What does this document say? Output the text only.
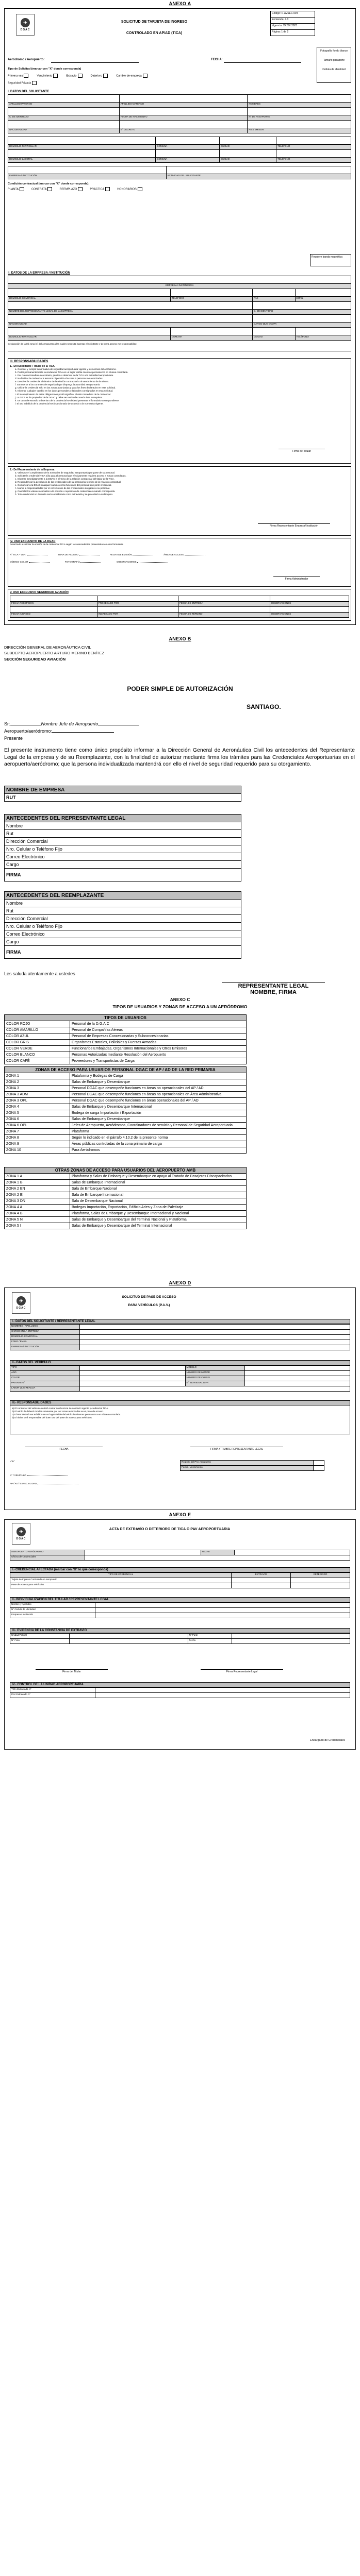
ANEXO A
✈
DGAC
SOLICITUD DE TARJETA DE INGRESO
CONTROLADO EN AP/AD (TICA)
Código: R-AVSEC-004
Enmienda: 4.0
Vigencia: XX.XX.2023
Página: 1 de 2
Fotografía fondo blanco
Tamaño pasaporte
Cédula de identidad
Aeródromo / Aeropuerto:	FECHA:
Tipo de Solicitud (marcar con "X" donde corresponda)
Primera vez	Vencimiento	Extravío	Deterioro	Cambio de empresa
Seguridad Privada
I. DATOS DEL SOLICITANTE

APELLIDO PATERNO	APELLIDO MATERNO	NOMBRES

C. DE IDENTIDAD	FECHA DE NACIMIENTO	N° DE PASAPORTE

NACIONALIDAD	N° DECRETO	PAIS EMISOR

DOMICILIO PARTICULAR	COMUNA	CIUDAD	TELÉFONO

DOMICILIO LABORAL	COMUNA	CIUDAD	TELÉFONO

EMPRESA / INSTITUCIÓN	ACTIVIDAD DEL SOLICITANTE
Condición contractual (marcar con "X" donde corresponda):
PLANTA	CONTRATA	REEMPLAZO	PRÁCTICA	HONORARIOS
Requiere banda magnética
II. DATOS DE LA EMPRESA / INSTITUCIÓN

EMPRESA / INSTITUCIÓN			

DOMICILIO COMERCIAL	TELÉFONO	FAX	EMAIL

NOMBRE DEL REPRESENTANTE LEGAL DE LA EMPRESA		C. DE IDENTIDAD	

NACIONALIDAD		CARGO QUE OCUPA	

DOMICILIO PARTICULAR	COMUNA	CIUDAD	TELÉFONO
Declaración de la (s) zona (s) del Aeropuerto a las cuales necesita ingresar el solicitante y de cuya acceso me responsabilizo:
III. RESPONSABILIDADES
1.- Del Solicitante / Titular de la TICA
a. Conocer y cumplir la normativa de seguridad aeroportuaria vigente y las normas del Aeródromo.
b. Portar permanentemente la credencial TICA en un lugar visible mientras permanezca en el área controlada.
c. Dar cuenta inmediata de extravío, pérdida o deterioro de la TICA a la autoridad aeroportuaria.
d. No facilitar la credencial a terceros ni permitir el acceso a personas no autorizadas.
e. Devolver la credencial al término de la relación contractual o al vencimiento de la misma.
f. Someterse a los controles de seguridad que disponga la autoridad aeroportuaria.
g. Utilizar la credencial sólo en las zonas autorizadas y para los fines declarados en esta solicitud.
h. Informar cualquier cambio en los datos personales o laborales consignados en esta solicitud.
i. El incumplimiento de estas obligaciones podrá significar el retiro inmediato de la credencial.
j. La TICA es de propiedad de la DGAC y debe ser restituida cuando ésta lo requiera.
k. En caso de extravío o deterioro de la credencial se deberá presentar el formulario correspondiente.
l. El uso indebido de la credencial será sancionado de acuerdo a la normativa vigente.
Firma del Titular
2.- Del Representante de la Empresa
a. Velar por el cumplimiento de la normativa de seguridad aeroportuaria por parte de su personal.
b. Solicitar la credencial TICA sólo para el personal que efectivamente requiera acceso a zonas controladas.
c. Informar inmediatamente a la DGAC el término de la relación contractual del titular de la TICA.
d. Responder por la devolución de las credenciales de su personal al término de la relación contractual.
e. Comunicar a la DGAC cualquier cambio en las funciones del personal que porte credencial.
f. Asumir la responsabilidad por el correcto uso de las credenciales otorgadas a su personal.
g. Cancelar los valores asociados a la emisión o reposición de credenciales cuando corresponda.
h. Toda credencial no devuelta será considerada como extraviada y se procederá a su bloqueo.
Firma Representante Empresa/ Institución
IV. USO EXCLUSIVO DE LA DGAC
Autorizado a solicitar la emisión de la credencial TICA según los antecedentes presentados en este formulario.
N° TICA – VER:	ZONA DE ACCESO	FECHA DE EMISIÓN	ÁREA DE ACCESO
CÓDIGO COLOR	FOTOGRAFÍA	OBSERVACIONES
Firma Administrador
V. USO EXCLUSIVO SEGURIDAD AVIACIÓN

FECHA RECEPCIÓN	PROCESADO POR	FECHA DE ENTREGA	OBSERVACIONES

FECHA INGRESO	INGRESADO POR	FECHA DE TÉRMINO	OBSERVACIONES
ANEXO B
DIRECCIÓN GENERAL DE AERONÁUTICA CIVIL
SUBDEPTO AEROPUERTO ARTURO MERINO BENÍTEZ
SECCIÓN SEGURIDAD AVIACIÓN
PODER SIMPLE DE AUTORIZACIÓN
SANTIAGO.
Sr:	Nombre Jefe de Aeropuerto
Aeropuerto/aeródromo:
Presente
El presente instrumento tiene como único propósito informar a la Dirección General de Aeronáutica Civil los antecedentes del Representante Legal de la empresa y de su Reemplazante, con la finalidad de autorizar mediante firma los trámites para las Credenciales Aeroportuarias en el aeropuerto/aeródromo; que la persona individualizada mantendrá con ello el nivel de seguridad requerido para su otorgamiento.
NOMBRE DE EMPRESA
RUT
ANTECEDENTES DEL REPRESENTANTE LEGAL
Nombre
Rut
Dirección Comercial
Nro. Celular o Teléfono Fijo
Correo Electrónico
Cargo
FIRMA
ANTECEDENTES DEL REEMPLAZANTE
Nombre
Rut
Dirección Comercial
Nro. Celular o Teléfono Fijo
Correo Electrónico
Cargo
FIRMA
Les saluda atentamente a ustedes
REPRESENTANTE LEGAL
NOMBRE, FIRMA
ANEXO C
TIPOS DE USUARIOS Y ZONAS DE ACCESO A UN AERÓDROMO
TIPOS DE USUARIOS	
COLOR ROJO	Personal de la D.G.A.C
COLOR AMARILLO	Personal de Compañías Aéreas
COLOR AZUL	Personal de Empresas Concesionarias y Subconcesionarias
COLOR GRIS	Organismos Estatales, Policiales y Fuerzas Armadas
COLOR VERDE	Funcionarios Embajadas, Organismos Internacionales y Otros Emisores
COLOR BLANCO	Personas Autorizadas mediante Resolución del Aeropuerto
COLOR CAFÉ	Proveedores y Transportistas de Carga
ZONAS DE ACCESO PARA USUARIOS PERSONAL DGAC DE AP / AD DE LA RED PRIMARIA	
ZONA 1	Plataforma y Bodegas de Carga
ZONA 2	Salas de Embarque y Desembarque
ZONA 3	Personal DGAC que desempeñe funciones en áreas no operacionales del AP / AD
ZONA 3 ADM	Personal DGAC que desempeñe funciones en áreas no operacionales en Área Administrativa
ZONA 3 OPL	Personal DGAC que desempeñe funciones en áreas operacionales del AP / AD
ZONA 4	Salas de Embarque y Desembarque Internacional
ZONA 5	Bodega de carga Importación / Exportación
ZONA 6	Salas de Embarque y Desembarque
ZONA 6 OPL	Jefes de Aeropuerto, Aeródromos, Coordinadores de servicio y Personal de Seguridad Aeroportuaria
ZONA 7	Plataforma
ZONA 8	Según lo indicado en el párrafo 4.10.2 de la presente norma
ZONA 9	Áreas públicas controladas de la zona primaria de carga
ZONA 10	Para Aeródromos
OTRAS ZONAS DE ACCESO PARA USUARIOS DEL AEROPUERTO AMB	
ZONA 1 A	Plataforma y Salas de Embarque y Desembarque en apoyo al Tratado de Pasajeros Discapacitados
ZONA 1 B	Salas de Embarque Internacional
ZONA 2 EN	Sala de Embarque Nacional
ZONA 2 EI	Sala de Embarque Internacional
ZONA 3 DN	Sala de Desembarque Nacional
ZONA 4 A	Bodegas Importación, Exportación, Edificio Aries y Zona de Paletizaje
ZONA 4 B	Plataforma, Salas de Embarque y Desembarque Internacional y Nacional
ZONA 5 N	Salas de Embarque y Desembarque del Terminal Nacional y Plataforma
ZONA 5 I	Salas de Embarque y Desembarque del Terminal Internacional
ANEXO D
✈
DGAC
SOLICITUD DE PASE DE ACCESO
PARA VEHÍCULOS (P.A.V.)
I.- DATOS DEL SOLICITANTE / REPRESENTANTE LEGAL
NOMBRES / APELLIDOS	
CARGO EN LA EMPRESA	
DOMICILIO COMERCIAL	
FONO / EMAIL	
EMPRESA / INSTITUCIÓN	
II.- DATOS DEL VEHÍCULO
TIPO		MODELO	
AÑO		NÚMERO DE MOTOR	
COLOR		NÚMERO DE CHASIS	
PATENTE N°		N° INDIVIDUAL DIFA	
LABOR QUE REALIZA			
III.- RESPONSABILIDADES
a) El conductor del vehículo deberá contar con licencia de conducir vigente y credencial TICA.
b) El vehículo deberá circular solamente por las zonas autorizadas en el pase de acceso.
c) El PAV deberá ser exhibido en un lugar visible del vehículo mientras permanezca en el área controlada.
d) El titular será responsable del buen uso del pase de acceso para vehículos.
FECHA	FIRMA Y TIMBRE REPRESENTANTE LEGAL
V°B°	Registro del PAV Aeropuerto	
Fecha / Vencimiento	
N° / VEHÍCULO
AP / AD / ESPECIALIDAD
ANEXO E
✈
DGAC
ACTA DE EXTRAVÍO O DETERIORO DE TICA O PAV AEROPORTUARIA
AEROPUERTO AERÓDROMO		FECHA	
Oficina de Credenciales			
I.- CREDENCIAL AFECTADA (marcar con "X" lo que corresponda)
TIPO DE CREDENCIAL	EXTRAVÍO	DETERIORO
Tarjeta de Ingreso Controlado en Aeropuerto		
Pase de Acceso para Vehículos		
II.- INDIVIDUALIZACIÓN DEL TITULAR / REPRESENTANTE LEGAL
Nombre y Apellidos	
N° Cédula de Identidad	
Empresa / Institución	
III.- EVIDENCIA DE LA CONSTANCIA DE EXTRAVÍO
Unidad Policial		N° Parte	
N° Folio		Fecha	
Firma del Titular	Firma Representante Legal
IV.- CONTROL DE LA UNIDAD AEROPORTUARIA
TICA Extraviada N°	
PAV Extraviado N°	
Encargado de Credenciales
